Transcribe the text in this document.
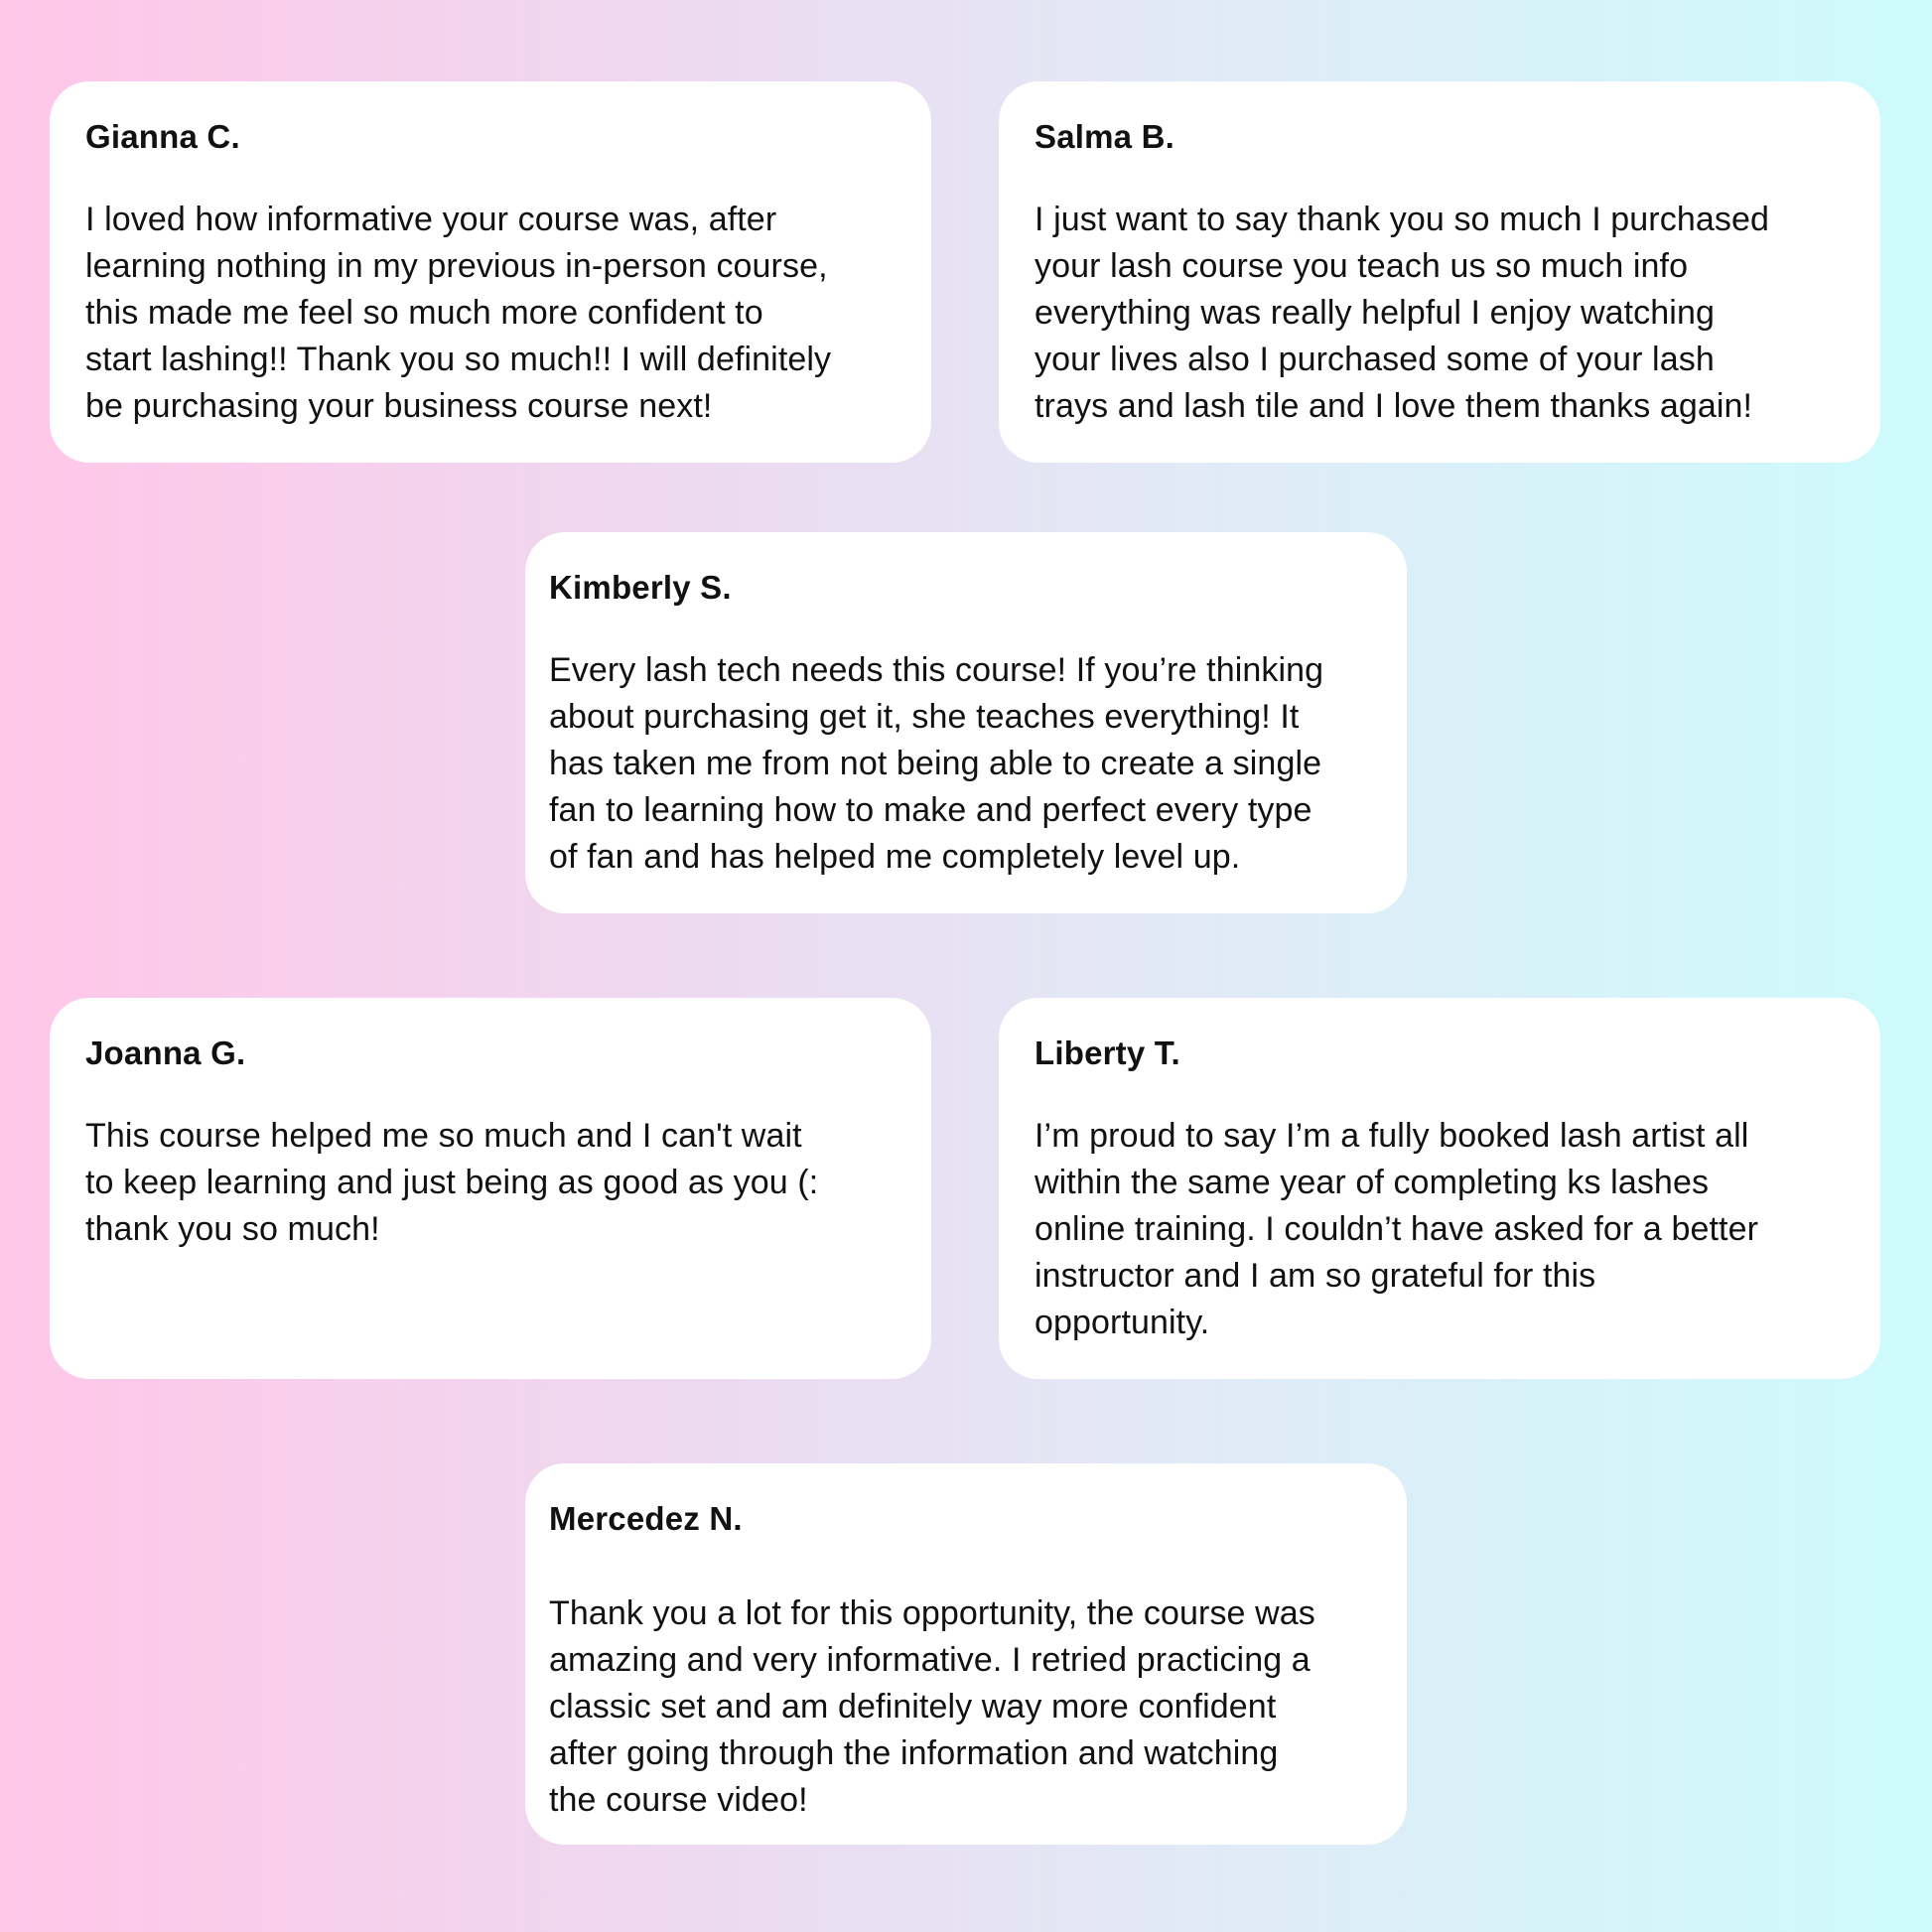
Gianna C.

I loved how informative your course was, after
learning nothing in my previous in-person course,
this made me feel so much more confident to
start lashing!! Thank you so much!! I will definitely
be purchasing your business course next!

Salma B.

I just want to say thank you so much I purchased
your lash course you teach us so much info
everything was really helpful I enjoy watching
your lives also I purchased some of your lash
trays and lash tile and I love them thanks again!

Kimberly S.

Every lash tech needs this course! If you’re thinking
about purchasing get it, she teaches everything! It
has taken me from not being able to create a single
fan to learning how to make and perfect every type
of fan and has helped me completely level up.

Joanna G.

This course helped me so much and I can't wait
to keep learning and just being as good as you (:
thank you so much!

Liberty T.

I’m proud to say I’m a fully booked lash artist all
within the same year of completing ks lashes
online training. I couldn’t have asked for a better
instructor and I am so grateful for this
opportunity.

Mercedez N.

Thank you a lot for this opportunity, the course was
amazing and very informative. I retried practicing a
classic set and am definitely way more confident
after going through the information and watching
the course video!
